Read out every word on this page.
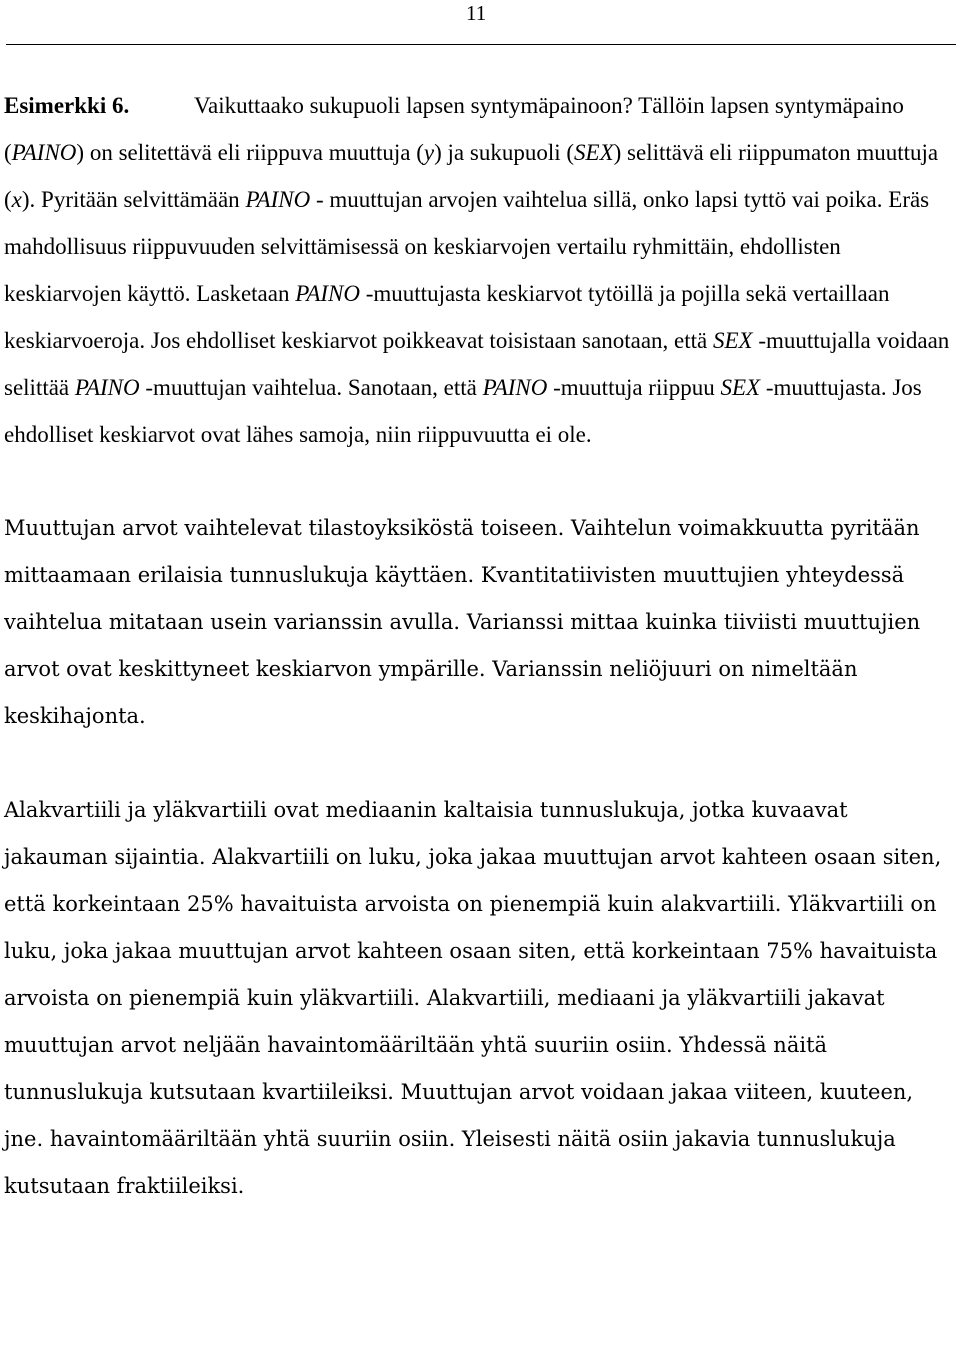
11

Esimerkki 6.	Vaikuttaako sukupuoli lapsen syntymäpainoon? Tällöin lapsen syntymäpaino (PAINO) on selitettävä eli riippuva muuttuja (y) ja sukupuoli (SEX) selittävä eli riippumaton muuttuja (x). Pyritään selvittämään PAINO - muuttujan arvojen vaihtelua sillä, onko lapsi tyttö vai poika. Eräs mahdollisuus riippuvuuden selvittämisessä on keskiarvojen vertailu ryhmittäin, ehdollisten keskiarvojen käyttö. Lasketaan PAINO -muuttujasta keskiarvot tytöillä ja pojilla sekä vertaillaan keskiarvoeroja. Jos ehdolliset keskiarvot poikkeavat toisistaan sanotaan, että SEX -muuttujalla voidaan selittää PAINO -muuttujan vaihtelua. Sanotaan, että PAINO -muuttuja riippuu SEX -muuttujasta. Jos ehdolliset keskiarvot ovat lähes samoja, niin riippuvuutta ei ole.

Muuttujan arvot vaihtelevat tilastoyksiköstä toiseen. Vaihtelun voimakkuutta pyritään mittaamaan erilaisia tunnuslukuja käyttäen. Kvantitatiivisten muuttujien yhteydessä vaihtelua mitataan usein varianssin avulla. Varianssi mittaa kuinka tiiviisti muuttujien arvot ovat keskittyneet keskiarvon ympärille. Varianssin neliöjuuri on nimeltään keskihajonta.

Alakvartiili ja yläkvartiili ovat mediaanin kaltaisia tunnuslukuja, jotka kuvaavat jakauman sijaintia. Alakvartiili on luku, joka jakaa muuttujan arvot kahteen osaan siten, että korkeintaan 25% havaituista arvoista on pienempiä kuin alakvartiili. Yläkvartiili on luku, joka jakaa muuttujan arvot kahteen osaan siten, että korkeintaan 75% havaituista arvoista on pienempiä kuin yläkvartiili. Alakvartiili, mediaani ja yläkvartiili jakavat muuttujan arvot neljään havaintomääriltään yhtä suuriin osiin. Yhdessä näitä tunnuslukuja kutsutaan kvartiileiksi. Muuttujan arvot voidaan jakaa viiteen, kuuteen, jne. havaintomääriltään yhtä suuriin osiin. Yleisesti näitä osiin jakavia tunnuslukuja kutsutaan fraktiileiksi.
